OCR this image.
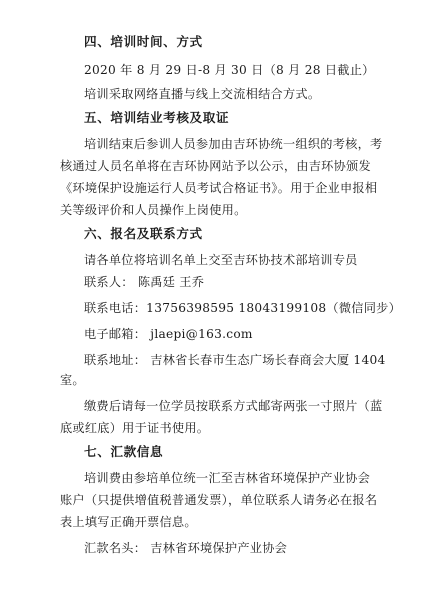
四、培训时间、方式
2020 年 8 月 29 日-8 月 30 日（8 月 28 日截止）
培训采取网络直播与线上交流相结合方式。
五、培训结业考核及取证
培训结束后参训人员参加由吉环协统一组织的考核，考
核通过人员名单将在吉环协网站予以公示，由吉环协颁发
《环境保护设施运行人员考试合格证书》。用于企业申报相
关等级评价和人员操作上岗使用。
六、报名及联系方式
请各单位将培训名单上交至吉环协技术部培训专员
联系人： 陈禹廷 王乔
联系电话：13756398595 18043199108（微信同步）
电子邮箱： jlaepi@163.com
联系地址： 吉林省长春市生态广场长春商会大厦 1404
室。
缴费后请每一位学员按联系方式邮寄两张一寸照片（蓝
底或红底）用于证书使用。
七、汇款信息
培训费由参培单位统一汇至吉林省环境保护产业协会
账户（只提供增值税普通发票），单位联系人请务必在报名
表上填写正确开票信息。
汇款名头： 吉林省环境保护产业协会
